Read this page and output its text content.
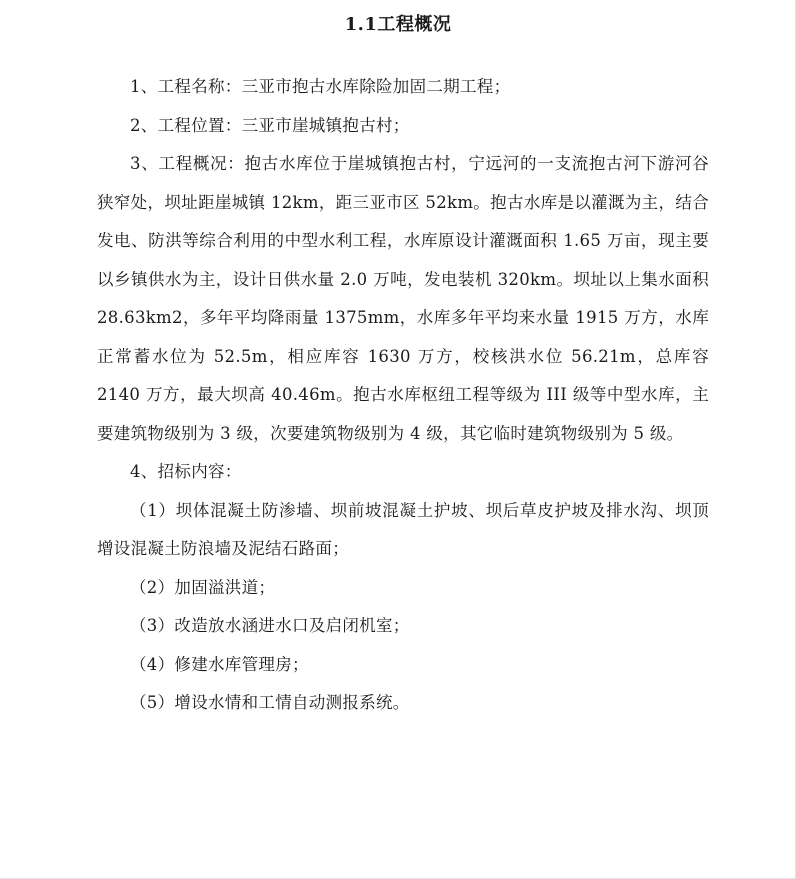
1.1工程概况

1、工程名称：三亚市抱古水库除险加固二期工程；

2、工程位置：三亚市崖城镇抱古村；

3、工程概况：抱古水库位于崖城镇抱古村，宁远河的一支流抱古河下游河谷狭窄处，坝址距崖城镇 12km，距三亚市区 52km。抱古水库是以灌溉为主，结合发电、防洪等综合利用的中型水利工程，水库原设计灌溉面积 1.65 万亩，现主要以乡镇供水为主，设计日供水量 2.0 万吨，发电装机 320km。坝址以上集水面积 28.63km2，多年平均降雨量 1375mm，水库多年平均来水量 1915 万方，水库正常蓄水位为 52.5m，相应库容 1630 万方，校核洪水位 56.21m，总库容 2140 万方，最大坝高 40.46m。抱古水库枢纽工程等级为 III 级等中型水库，主要建筑物级别为 3 级，次要建筑物级别为 4 级，其它临时建筑物级别为 5 级。

4、招标内容：

（1）坝体混凝土防渗墙、坝前坡混凝土护坡、坝后草皮护坡及排水沟、坝顶增设混凝土防浪墙及泥结石路面；

（2）加固溢洪道；

（3）改造放水涵进水口及启闭机室；

（4）修建水库管理房；

（5）增设水情和工情自动测报系统。
